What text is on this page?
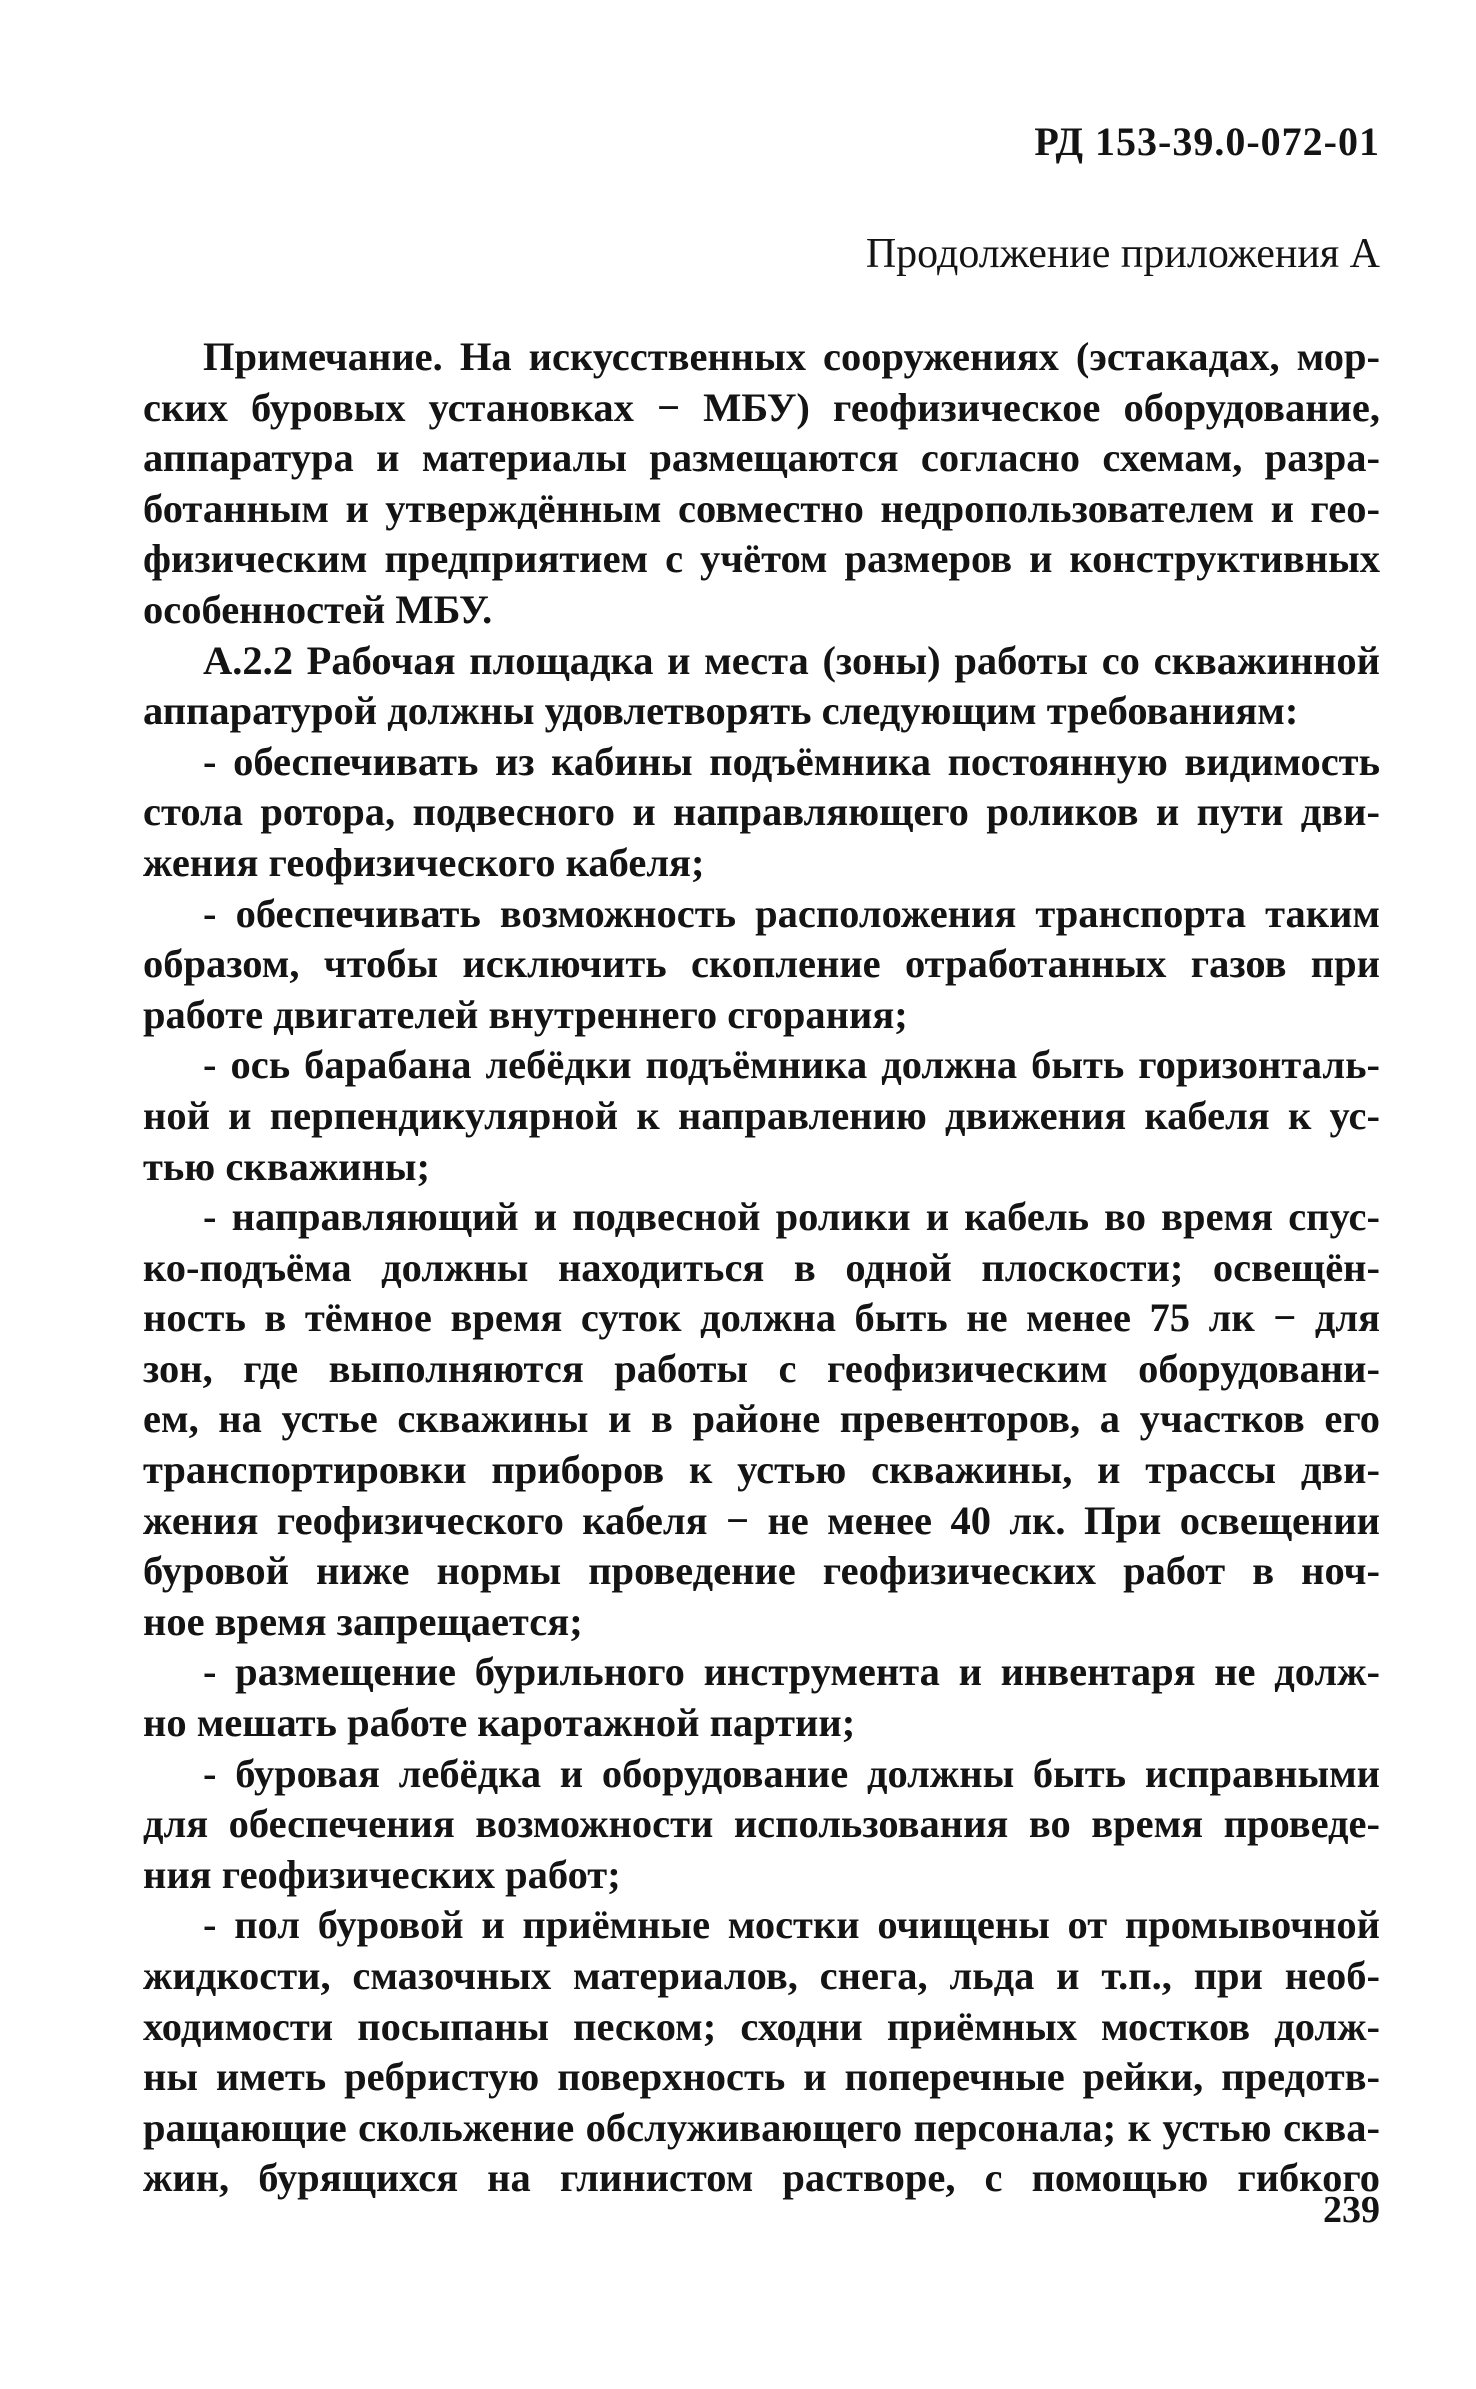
РД 153-39.0-072-01
Продолжение приложения А
Примечание. На искусственных сооружениях (эстакадах, мор-
ских буровых установках − МБУ) геофизическое оборудование,
аппаратура и материалы размещаются согласно схемам, разра-
ботанным и утверждённым совместно недропользователем и гео-
физическим предприятием с учётом размеров и конструктивных
особенностей МБУ.
А.2.2 Рабочая площадка и места (зоны) работы со скважинной
аппаратурой должны удовлетворять следующим требованиям:
- обеспечивать из кабины подъёмника постоянную видимость
стола ротора, подвесного и направляющего роликов и пути дви-
жения геофизического кабеля;
- обеспечивать возможность расположения транспорта таким
образом, чтобы исключить скопление отработанных газов при
работе двигателей внутреннего сгорания;
- ось барабана лебёдки подъёмника должна быть горизонталь-
ной и перпендикулярной к направлению движения кабеля к ус-
тью скважины;
- направляющий и подвесной ролики и кабель во время спус-
ко-подъёма должны находиться в одной плоскости; освещён-
ность в тёмное время суток должна быть не менее 75 лк − для
зон, где выполняются работы с геофизическим оборудовани-
ем, на устье скважины и в районе превенторов, а участков его
транспортировки приборов к устью скважины, и трассы дви-
жения геофизического кабеля − не менее 40 лк. При освещении
буровой ниже нормы проведение геофизических работ в ноч-
ное время запрещается;
- размещение бурильного инструмента и инвентаря не долж-
но мешать работе каротажной партии;
- буровая лебёдка и оборудование должны быть исправными
для обеспечения возможности использования во время проведе-
ния геофизических работ;
- пол буровой и приёмные мостки очищены от промывочной
жидкости, смазочных материалов, снега, льда и т.п., при необ-
ходимости посыпаны песком; сходни приёмных мостков долж-
ны иметь ребристую поверхность и поперечные рейки, предотв-
ращающие скольжение обслуживающего персонала; к устью сква-
жин, бурящихся на глинистом растворе, с помощью гибкого
239
